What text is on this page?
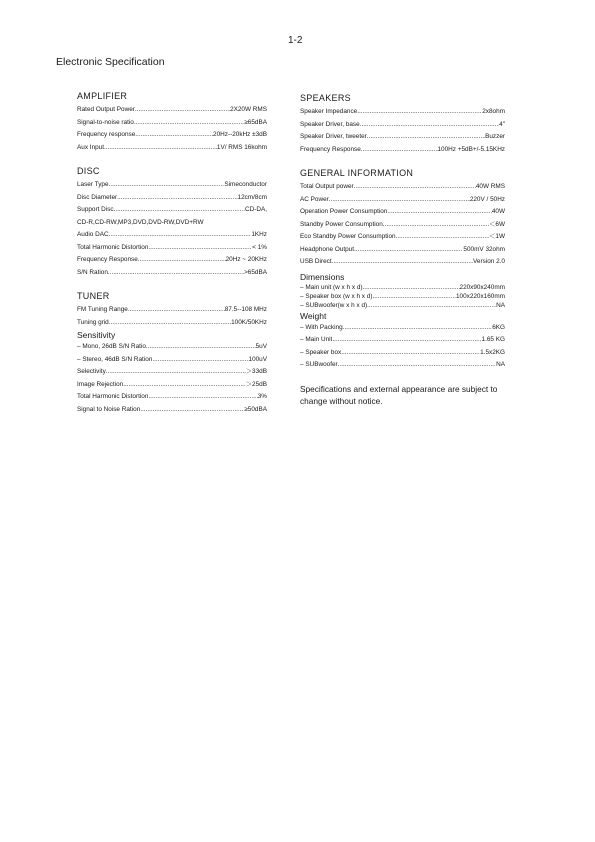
1-2
Electronic Specification
AMPLIFIER
Rated Output Power .....	2X20W RMS
Signal-to-noise ratio .....	≥65dBA
Frequency response .....	20Hz--20kHz ±3dB
Aux Input .....	1V/ RMS 16kohm
DISC
Laser Type .....	Simeconductor
Disc Diameter .....	12cm/8cm
Support Disc .....	CD-DA,
CD-R,CD-RW,MP3,DVD,DVD-RW,DVD+RW
Audio DAC .....	1KHz
Total Harmonic Distortion .....	< 1%
Frequency Response .....	20Hz ~ 20KHz
S/N Ration .....	>65dBA
TUNER
FM Tuning Range .....	87.5--108 MHz
Tuning grid .....	100K/50KHz
Sensitivity
– Mono, 26dB S/N Ratio .....	5uV
– Stereo, 46dB S/N Ration .....	100uV
Selectivity .....	＞33dB
Image Rejection .....	＞25dB
Total Harmonic Distortion .....	3%
Signal to Noise Ration .....	≥50dBA
SPEAKERS
Speaker Impedance .....	2x8ohm
Speaker Driver, base .....	4"
Speaker Driver, tweeter .....	Buzzer
Frequency Response .....	100Hz +5dB+/-5.15KHz
GENERAL INFORMATION
Total Output power .....	40W RMS
AC Power .....	220V / 50Hz
Operation Power Consumption .....	40W
Standby Power Consumption .....	＜6W
Eco Standby Power Consumption .....	＜1W
Headphone Output .....	500mV 32ohm
USB Direct .....	Version 2.0
Dimensions
– Main unit (w x h x d) .....	220x90x240mm
– Speaker box (w x h x d) .....	100x220x160mm
– SUBwoofer(w x h x d) .....	NA
Weight
– With Packing .....	6KG
– Main Unit .....	1.65 KG
– Speaker box .....	1.5x2KG
– SUBwoofer .....	NA
Specifications and external appearance are subject to change without notice.
